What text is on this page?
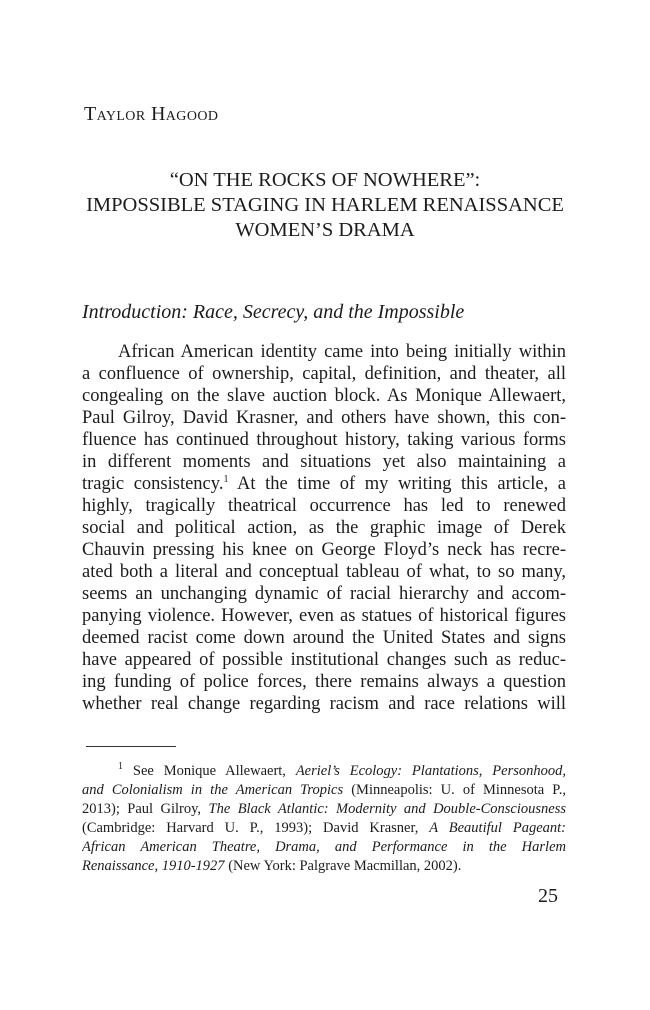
Taylor Hagood
“ON THE ROCKS OF NOWHERE”:
IMPOSSIBLE STAGING IN HARLEM RENAISSANCE
WOMEN’S DRAMA
Introduction: Race, Secrecy, and the Impossible
African American identity came into being initially within
a confluence of ownership, capital, definition, and theater, all
congealing on the slave auction block. As Monique Allewaert,
Paul Gilroy, David Krasner, and others have shown, this con-
fluence has continued throughout history, taking various forms
in different moments and situations yet also maintaining a
tragic consistency.$^1$ At the time of my writing this article, a
highly, tragically theatrical occurrence has led to renewed
social and political action, as the graphic image of Derek
Chauvin pressing his knee on George Floyd’s neck has recre-
ated both a literal and conceptual tableau of what, to so many,
seems an unchanging dynamic of racial hierarchy and accom-
panying violence. However, even as statues of historical figures
deemed racist come down around the United States and signs
have appeared of possible institutional changes such as reduc-
ing funding of police forces, there remains always a question
whether real change regarding racism and race relations will
$^1$ See Monique Allewaert, Aeriel’s Ecology: Plantations, Personhood,
and Colonialism in the American Tropics (Minneapolis: U. of Minnesota P.,
2013); Paul Gilroy, The Black Atlantic: Modernity and Double-Consciousness
(Cambridge: Harvard U. P., 1993); David Krasner, A Beautiful Pageant:
African American Theatre, Drama, and Performance in the Harlem
Renaissance, 1910-1927 (New York: Palgrave Macmillan, 2002).
25
